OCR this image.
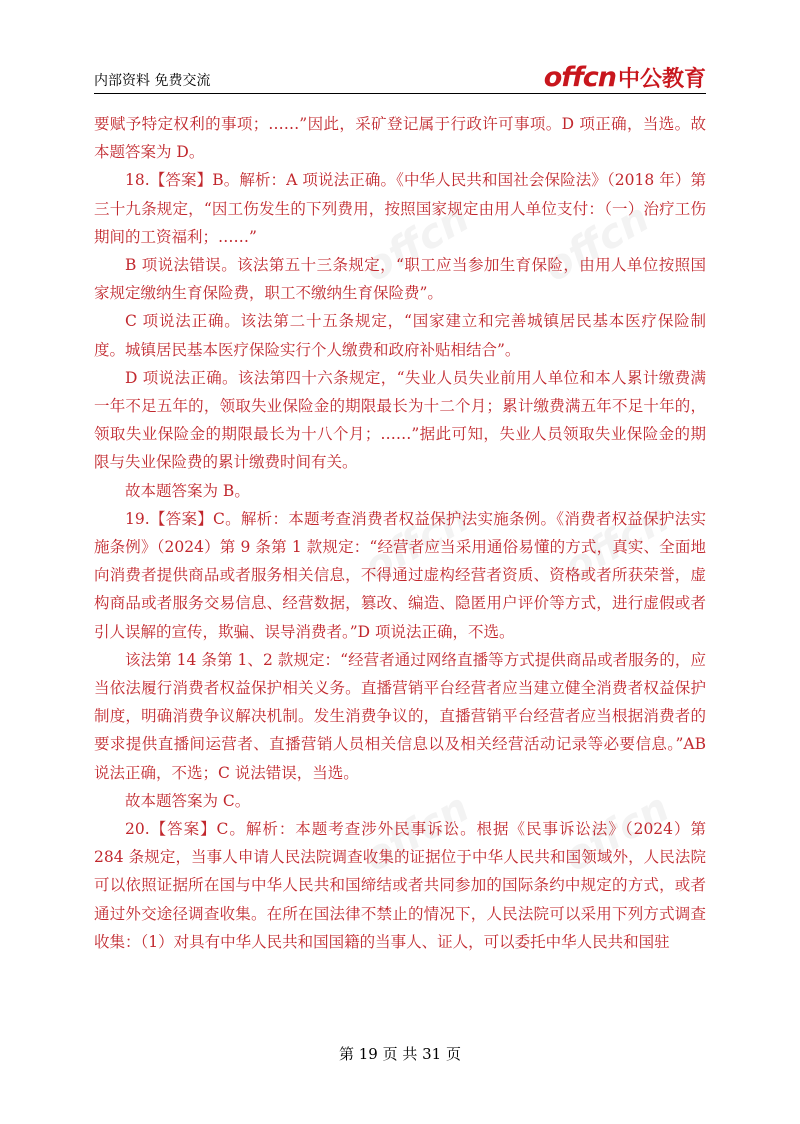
内部资料 免费交流	offcn 中公教育
offcn offcn
offcn offcn
offcn offcn

要赋予特定权利的事项；……”因此，采矿登记属于行政许可事项。D 项正确，当选。故本题答案为 D。

18.【答案】B。解析：A 项说法正确。《中华人民共和国社会保险法》（2018 年）第三十九条规定，“因工伤发生的下列费用，按照国家规定由用人单位支付：（一）治疗工伤期间的工资福利；……”

B 项说法错误。该法第五十三条规定，“职工应当参加生育保险，由用人单位按照国家规定缴纳生育保险费，职工不缴纳生育保险费”。

C 项说法正确。该法第二十五条规定，“国家建立和完善城镇居民基本医疗保险制度。城镇居民基本医疗保险实行个人缴费和政府补贴相结合”。

D 项说法正确。该法第四十六条规定，“失业人员失业前用人单位和本人累计缴费满一年不足五年的，领取失业保险金的期限最长为十二个月；累计缴费满五年不足十年的，领取失业保险金的期限最长为十八个月；……”据此可知，失业人员领取失业保险金的期限与失业保险费的累计缴费时间有关。

故本题答案为 B。

19.【答案】C。解析：本题考查消费者权益保护法实施条例。《消费者权益保护法实施条例》（2024）第 9 条第 1 款规定：“经营者应当采用通俗易懂的方式，真实、全面地向消费者提供商品或者服务相关信息，不得通过虚构经营者资质、资格或者所获荣誉，虚构商品或者服务交易信息、经营数据，篡改、编造、隐匿用户评价等方式，进行虚假或者引人误解的宣传，欺骗、误导消费者。”D 项说法正确，不选。

该法第 14 条第 1、2 款规定：“经营者通过网络直播等方式提供商品或者服务的，应当依法履行消费者权益保护相关义务。直播营销平台经营者应当建立健全消费者权益保护制度，明确消费争议解决机制。发生消费争议的，直播营销平台经营者应当根据消费者的要求提供直播间运营者、直播营销人员相关信息以及相关经营活动记录等必要信息。”AB 说法正确，不选；C 说法错误，当选。

故本题答案为 C。

20.【答案】C。解析：本题考查涉外民事诉讼。根据《民事诉讼法》（2024）第 284 条规定，当事人申请人民法院调查收集的证据位于中华人民共和国领域外，人民法院可以依照证据所在国与中华人民共和国缔结或者共同参加的国际条约中规定的方式，或者通过外交途径调查收集。在所在国法律不禁止的情况下，人民法院可以采用下列方式调查收集：（1）对具有中华人民共和国国籍的当事人、证人，可以委托中华人民共和国驻

第 19 页 共 31 页
